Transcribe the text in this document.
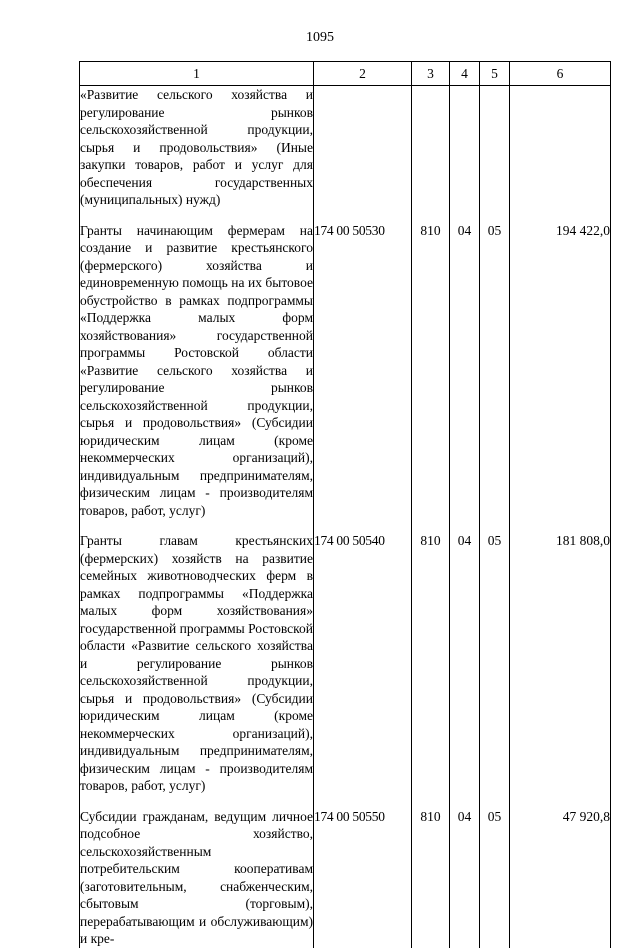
1095
1	2	3	4	5	6
«Развитие сельского хозяйства и регулирование рынков сельскохозяйственной продукции, сырья и продовольствия» (Иные закупки товаров, работ и услуг для обеспечения государственных (муниципальных) нужд)					

Гранты начинающим фермерам на создание и развитие крестьянского (фермерского) хозяйства и единовременную помощь на их бытовое обустройство в рамках подпрограммы «Поддержка малых форм хозяйствования» государственной программы Ростовской области «Развитие сельского хозяйства и регулирование рынков сельскохозяйственной продукции, сырья и продовольствия» (Субсидии юридическим лицам (кроме некоммерческих организаций), индивидуальным предпринимателям, физическим лицам - производителям товаров, работ, услуг)	174 00 50530	810	04	05	194 422,0

Гранты главам крестьянских (фермерских) хозяйств на развитие семейных животноводческих ферм в рамках подпрограммы «Поддержка малых форм хозяйствования» государственной программы Ростовской области «Развитие сельского хозяйства и регулирование рынков сельскохозяйственной продукции, сырья и продовольствия» (Субсидии юридическим лицам (кроме некоммерческих организаций), индивидуальным предпринимателям, физическим лицам - производителям товаров, работ, услуг)	174 00 50540	810	04	05	181 808,0

Субсидии гражданам, ведущим личное подсобное хозяйство, сельскохозяйственным потребительским кооперативам (заготовительным, снабженческим, сбытовым (торговым), перерабатывающим и обслуживающим) и кре-	174 00 50550	810	04	05	47 920,8
